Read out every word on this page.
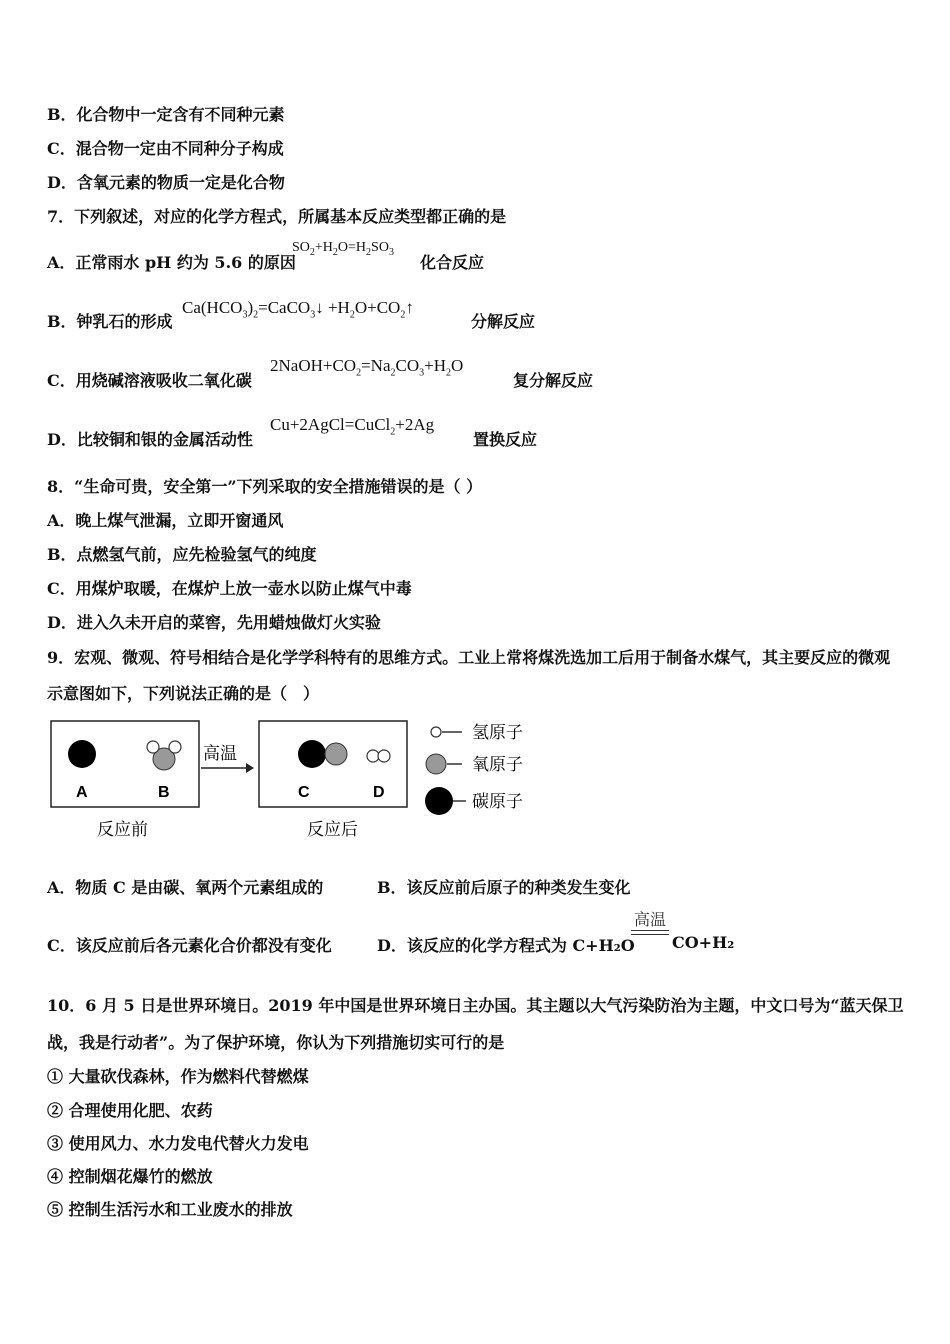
B．化合物中一定含有不同种元素
C．混合物一定由不同种分子构成
D．含氧元素的物质一定是化合物
7．下列叙述，对应的化学方程式，所属基本反应类型都正确的是
A．正常雨水 pH 约为 5.6 的原因
$SO_2+H_2O=H_2SO_3$
化合反应
B．钟乳石的形成
$Ca(HCO_3)_2=CaCO_3↓$ $+H_2O+CO_2↑$
分解反应
C．用烧碱溶液吸收二氧化碳
$2NaOH+CO_2=Na_2CO_3+H_2O$
复分解反应
D．比较铜和银的金属活动性
Cu+2AgCl=CuCl$_2$+2Ag
置换反应
8．“生命可贵，安全第一”下列采取的安全措施错误的是（ ）
A．晚上煤气泄漏，立即开窗通风
B．点燃氢气前，应先检验氢气的纯度
C．用煤炉取暖，在煤炉上放一壶水以防止煤气中毒
D．进入久未开启的菜窖，先用蜡烛做灯火实验
9．宏观、微观、符号相结合是化学学科特有的思维方式。工业上常将煤洗选加工后用于制备水煤气，其主要反应的微观
示意图如下，下列说法正确的是（　）
A	B
高温
C	D
反应前	反应后
氢原子
氧原子
碳原子
A．物质 C 是由碳、氧两个元素组成的	B．该反应前后原子的种类发生变化
C．该反应前后各元素化合价都没有变化	D．该反应的化学方程式为 C+H₂O
高温
CO+H₂
10．6 月 5 日是世界环境日。2019 年中国是世界环境日主办国。其主题以大气污染防治为主题，中文口号为“蓝天保卫
战，我是行动者”。为了保护环境，你认为下列措施切实可行的是
① 大量砍伐森林，作为燃料代替燃煤
② 合理使用化肥、农药
③ 使用风力、水力发电代替火力发电
④ 控制烟花爆竹的燃放
⑤ 控制生活污水和工业废水的排放
